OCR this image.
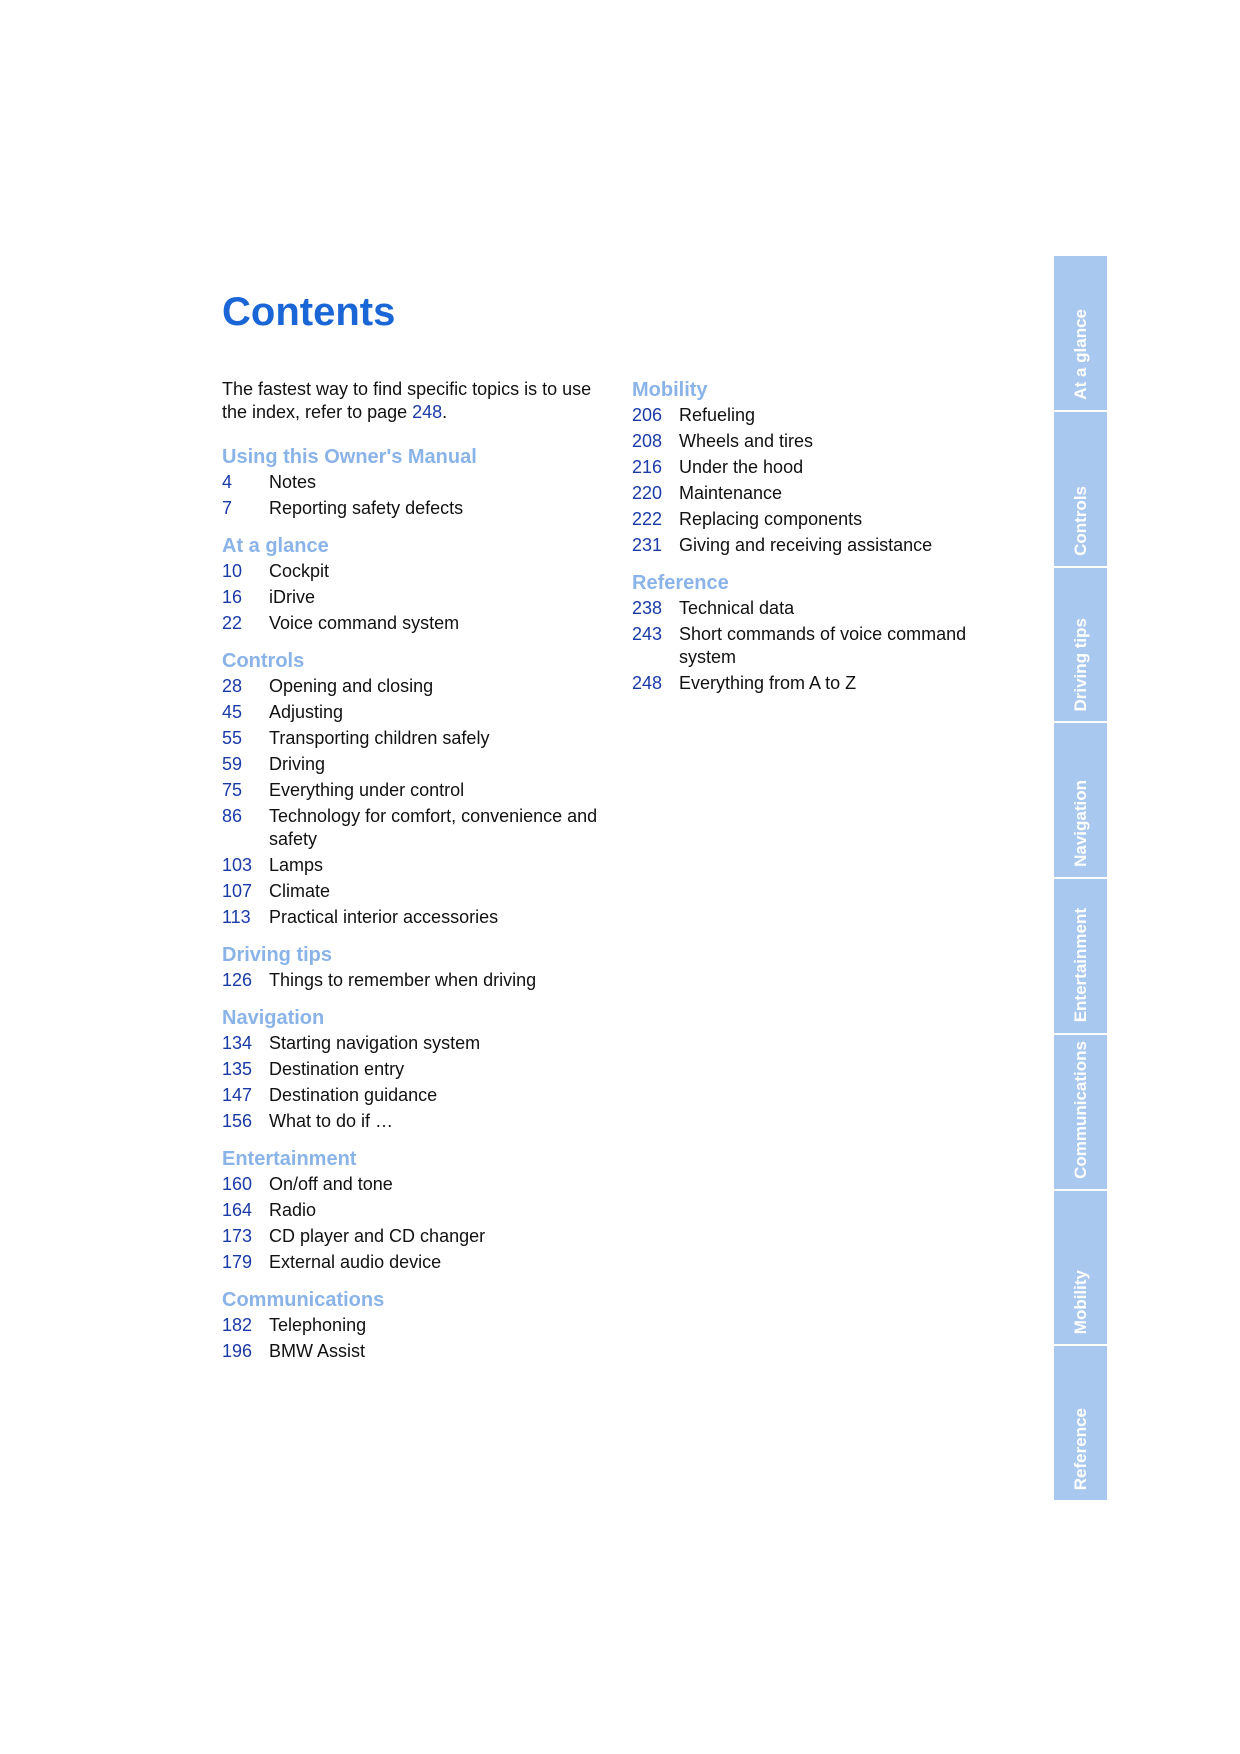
Contents

The fastest way to find specific topics is to use the index, refer to page 248.

Using this Owner's Manual
4	Notes
7	Reporting safety defects
At a glance
10	Cockpit
16	iDrive
22	Voice command system
Controls
28	Opening and closing
45	Adjusting
55	Transporting children safely
59	Driving
75	Everything under control
86	Technology for comfort, convenience and safety
103 Lamps
107 Climate
113	Practical interior accessories
Driving tips
126 Things to remember when driving
Navigation
134 Starting navigation system
135 Destination entry
147 Destination guidance
156 What to do if …
Entertainment
160 On/off and tone
164 Radio
173 CD player and CD changer
179 External audio device
Communications
182 Telephoning
196 BMW Assist
Mobility
206 Refueling
208 Wheels and tires
216 Under the hood
220 Maintenance
222 Replacing components
231 Giving and receiving assistance
Reference
238 Technical data
243 Short commands of voice command system
248 Everything from A to Z
At a glance
Controls
Driving tips
Navigation
Entertainment
Communications
Mobility
Reference
